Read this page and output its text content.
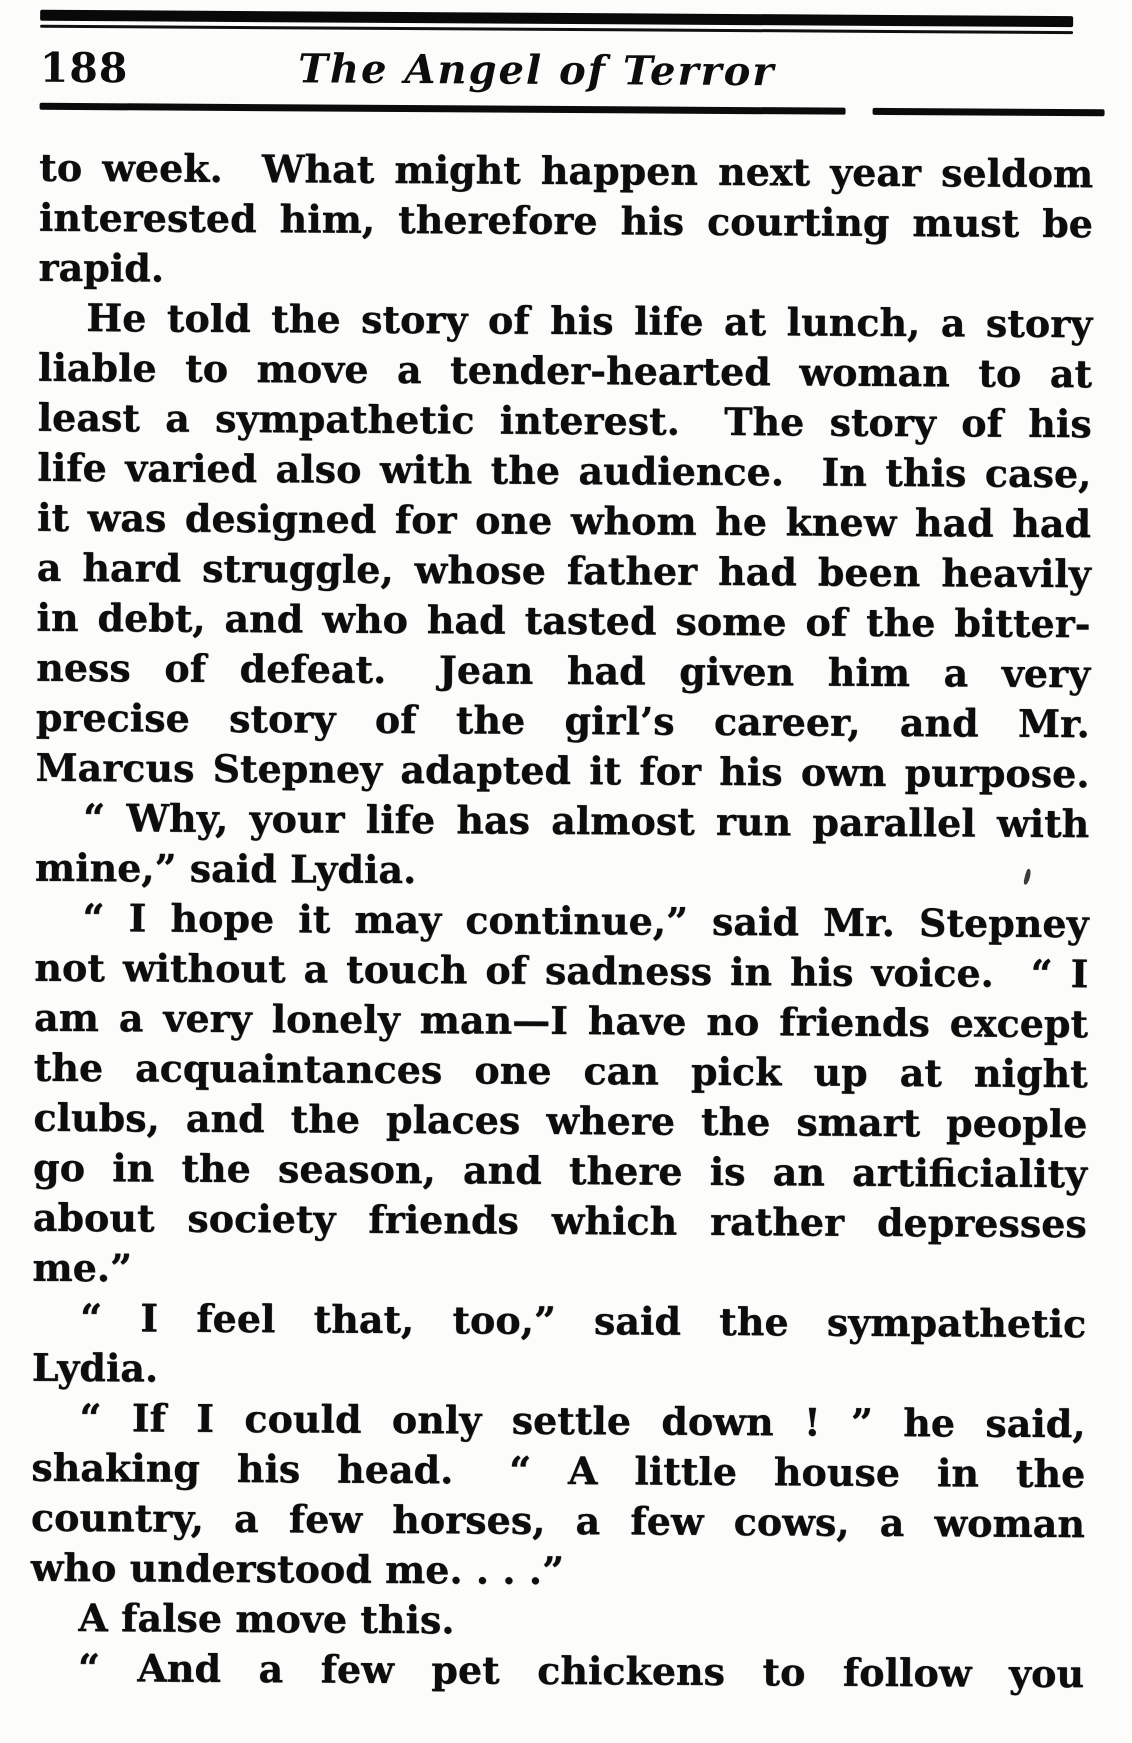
188	The Angel of Terror
to week.  What might happen next year seldom
interested him, therefore his courting must be
rapid.
He told the story of his life at lunch, a story
liable to move a tender-hearted woman to at
least a sympathetic interest.  The story of his
life varied also with the audience.  In this case,
it was designed for one whom he knew had had
a hard struggle, whose father had been heavily
in debt, and who had tasted some of the bitter-
ness of defeat.  Jean had given him a very
precise story of the girl’s career, and Mr.
Marcus Stepney adapted it for his own purpose.
“ Why, your life has almost run parallel with
mine,” said Lydia.
“ I hope it may continue,” said Mr. Stepney
not without a touch of sadness in his voice.  “ I
am a very lonely man—I have no friends except
the acquaintances one can pick up at night
clubs, and the places where the smart people
go in the season, and there is an artificiality
about society friends which rather depresses
me.”
“ I feel that, too,” said the sympathetic
Lydia.
“ If I could only settle down ! ” he said,
shaking his head.  “ A little house in the
country, a few horses, a few cows, a woman
who understood me. . . .”
A false move this.
“ And a few pet chickens to follow you
